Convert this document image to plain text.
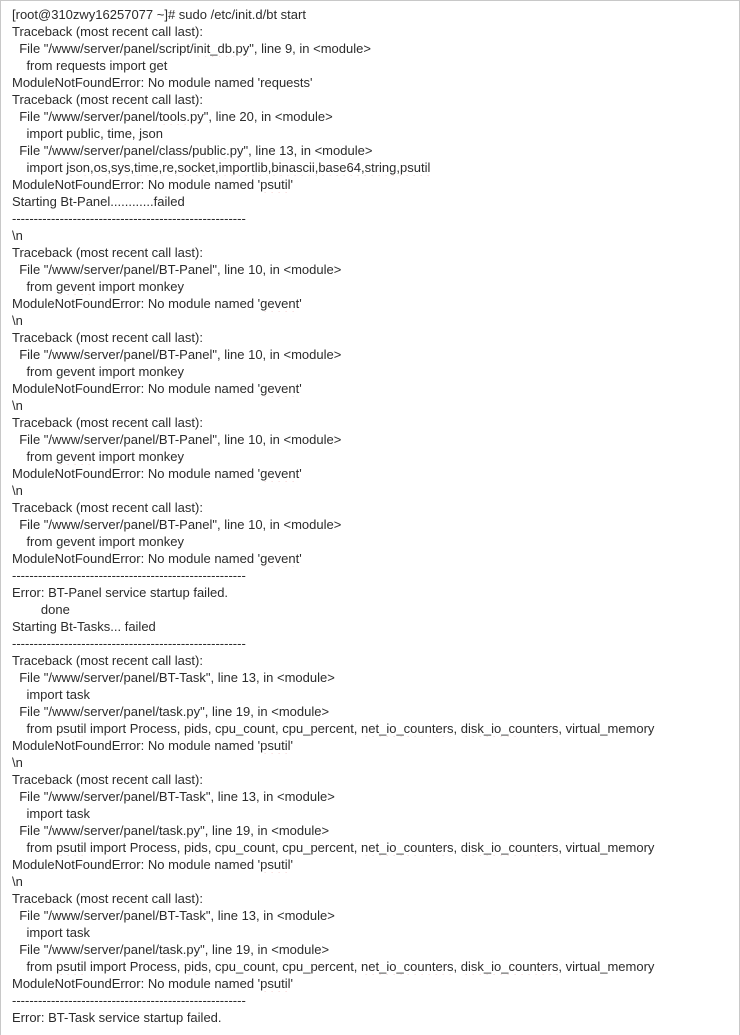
[root@310zwy16257077 ~]# sudo /etc/init.d/bt start
Traceback (most recent call last):
File "/www/server/panel/script/init_db.py", line 9, in <module>
from requests import get
ModuleNotFoundError: No module named 'requests'
Traceback (most recent call last):
File "/www/server/panel/tools.py", line 20, in <module>
import public, time, json
File "/www/server/panel/class/public.py", line 13, in <module>
import json,os,sys,time,re,socket,importlib,binascii,base64,string,psutil
ModuleNotFoundError: No module named 'psutil'
Starting Bt-Panel............failed
------------------------------------------------------
\n
Traceback (most recent call last):
File "/www/server/panel/BT-Panel", line 10, in <module>
from gevent import monkey
ModuleNotFoundError: No module named 'gevent'
\n
Traceback (most recent call last):
File "/www/server/panel/BT-Panel", line 10, in <module>
from gevent import monkey
ModuleNotFoundError: No module named 'gevent'
\n
Traceback (most recent call last):
File "/www/server/panel/BT-Panel", line 10, in <module>
from gevent import monkey
ModuleNotFoundError: No module named 'gevent'
\n
Traceback (most recent call last):
File "/www/server/panel/BT-Panel", line 10, in <module>
from gevent import monkey
ModuleNotFoundError: No module named 'gevent'
------------------------------------------------------
Error: BT-Panel service startup failed.
done
Starting Bt-Tasks... failed
------------------------------------------------------
Traceback (most recent call last):
File "/www/server/panel/BT-Task", line 13, in <module>
import task
File "/www/server/panel/task.py", line 19, in <module>
from psutil import Process, pids, cpu_count, cpu_percent, net_io_counters, disk_io_counters, virtual_memory
ModuleNotFoundError: No module named 'psutil'
\n
Traceback (most recent call last):
File "/www/server/panel/BT-Task", line 13, in <module>
import task
File "/www/server/panel/task.py", line 19, in <module>
from psutil import Process, pids, cpu_count, cpu_percent, net_io_counters, disk_io_counters, virtual_memory
ModuleNotFoundError: No module named 'psutil'
\n
Traceback (most recent call last):
File "/www/server/panel/BT-Task", line 13, in <module>
import task
File "/www/server/panel/task.py", line 19, in <module>
from psutil import Process, pids, cpu_count, cpu_percent, net_io_counters, disk_io_counters, virtual_memory
ModuleNotFoundError: No module named 'psutil'
------------------------------------------------------
Error: BT-Task service startup failed.
